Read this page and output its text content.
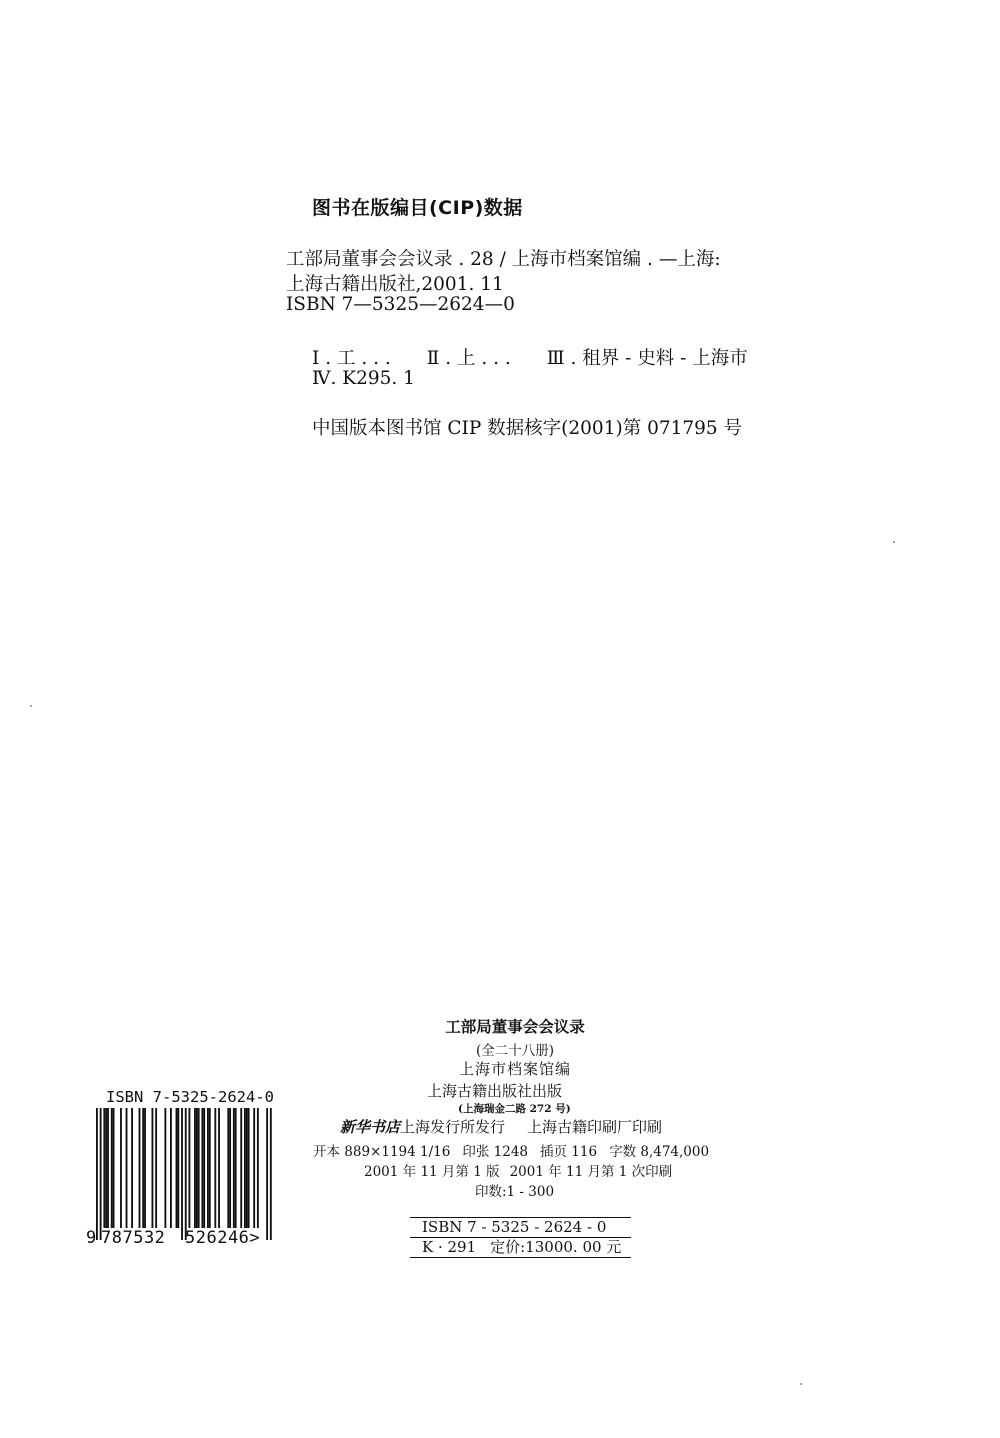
图书在版编目(CIP)数据
工部局董事会会议录 . 28 / 上海市档案馆编 . —上海:
上海古籍出版社,2001. 11
ISBN 7—5325—2624—0
Ⅰ . 工 . . . Ⅱ . 上 . . . Ⅲ . 租界 - 史料 - 上海市
Ⅳ. K295. 1
中国版本图书馆 CIP 数据核字(2001)第 071795 号
工部局董事会会议录
(全二十八册)
上海市档案馆编
上海古籍出版社出版
(上海瑞金二路 272 号)
新华书店上海发行所发行 上海古籍印刷厂印刷
开本 889×1194 1/16 印张 1248 插页 116 字数 8,474,000
2001 年 11 月第 1 版 2001 年 11 月第 1 次印刷
印数:1 - 300
ISBN 7 - 5325 - 2624 - 0
K · 291 定价:13000. 00 元
ISBN 7-5325-2624-0
9 787532 526246>
